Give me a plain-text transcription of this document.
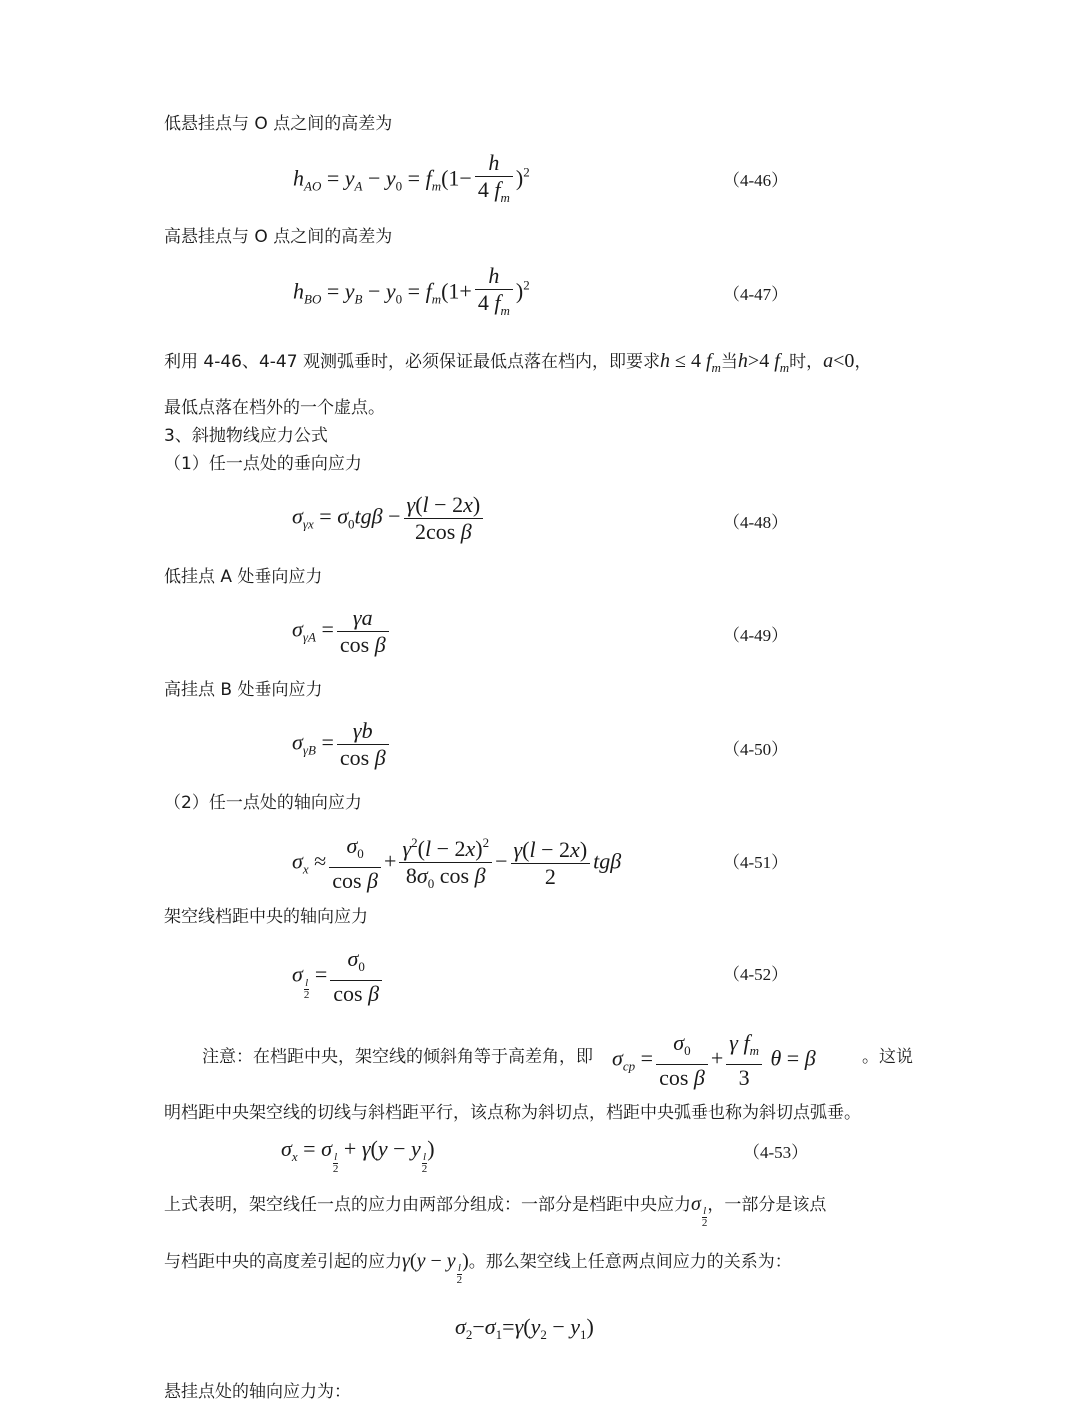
低悬挂点与 O 点之间的高差为
$h_{AO} = y_A - y_0 = f_m(1- \frac{h}{4 f_m} )^2$	（4-46）
高悬挂点与 O 点之间的高差为
$h_{BO} = y_B - y_0 = f_m(1+ \frac{h}{4 f_m} )^2$	（4-47）
利用 4-46、4-47 观测弧垂时，必须保证最低点落在档内，即要求h ≤ 4 $f_m$当h>4 $f_m$时，a<0，
最低点落在档外的一个虚点。
3、斜抛物线应力公式
（1）任一点处的垂向应力
$\sigma_{\gamma x} = \sigma_0tg\beta - \frac{\gamma(l - 2x)}{\text{2cos β}}$	（4-48）
低挂点 A 处垂向应力
$\sigma_{\gamma A} = \frac{\gamma a}{\text{cos β}}$	（4-49）
高挂点 B 处垂向应力
$\sigma_{\gamma B} = \frac{\gamma b}{\text{cos β}}$	（4-50）
（2）任一点处的轴向应力
$\sigma_x \approx \frac{\sigma_0}{\text{cos β}} + \frac{\gamma^2(l - 2x)^2}{8\sigma_0 \cos \beta} - \frac{\gamma(l - 2x)}{2}$ tgβ	（4-51）
架空线档距中央的轴向应力
σ
$\frac{l}{2}$
= $\frac{\sigma_0}{\text{cos β}}$	（4-52）
注意：在档距中央，架空线的倾斜角等于高差角，即 $\sigma_{cp} = \frac{\sigma_0}{\text{cos β}} + \frac{\gamma f_m}{3}$ θ = β	。这说
明档距中央架空线的切线与斜档距平行，该点称为斜切点，档距中央弧垂也称为斜切点弧垂。
$\sigma_x = \sigma$
$\frac{l}{2}$
+ γ(y − y
$\frac{l}{2}$
)	（4-53）
上式表明，架空线任一点的应力由两部分组成：一部分是档距中央应力σ
$\frac{l}{2}$
，一部分是该点
与档距中央的高度差引起的应力γ(y − y
$\frac{l}{2}$
)。那么架空线上任意两点间应力的关系为：
$\sigma_2-\sigma_1=\gamma(y_2 - y_1)$
悬挂点处的轴向应力为：
